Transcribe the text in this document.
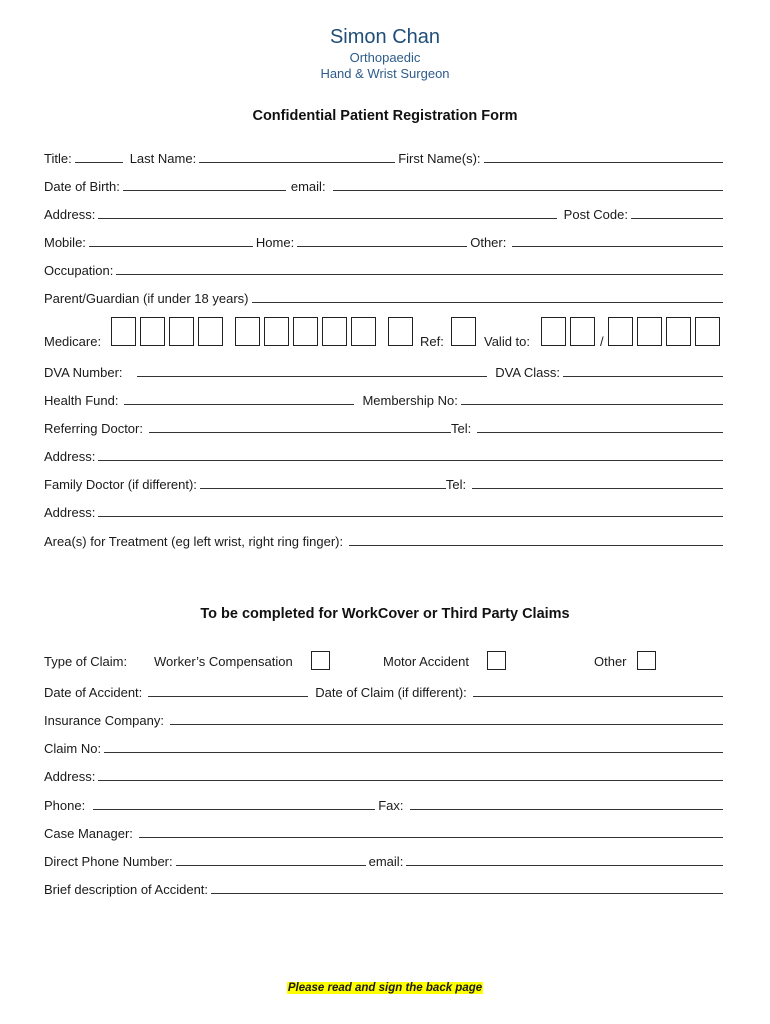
Simon Chan
Orthopaedic
Hand & Wrist Surgeon
Confidential Patient Registration Form
Title:	Last Name:	First Name(s):
Date of Birth:	email:
Address:	Post Code:
Mobile:	Home:	Other:
Occupation:
Parent/Guardian (if under 18 years)
Medicare:	Ref:	Valid to:	/
DVA Number:	DVA Class:
Health Fund:	Membership No:
Referring Doctor:	Tel:
Address:
Family Doctor (if different):	Tel:
Address:
Area(s) for Treatment (eg left wrist, right ring finger):
To be completed for WorkCover or Third Party Claims
Type of Claim: Worker’s Compensation	Motor Accident	Other
Date of Accident:	Date of Claim (if different):
Insurance Company:
Claim No:
Address:
Phone:	Fax:
Case Manager:
Direct Phone Number:	email:
Brief description of Accident:
Please read and sign the back page
